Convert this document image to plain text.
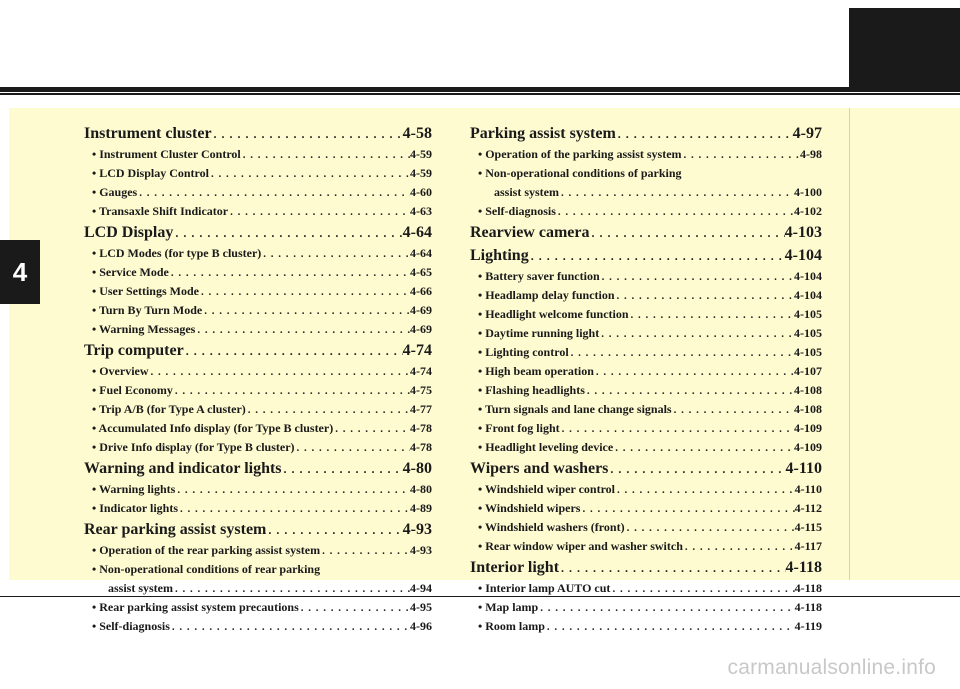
4
Instrument cluster . . .	4-58
• Instrument Cluster Control . . .	4-59
• LCD Display Control . . .	4-59
• Gauges . . .	4-60
• Transaxle Shift Indicator . . .	4-63
LCD Display . . .	4-64
• LCD Modes (for type B cluster) . . .	4-64
• Service Mode . . .	4-65
• User Settings Mode . . .	4-66
• Turn By Turn Mode . . .	4-69
• Warning Messages . . .	4-69
Trip computer . . .	4-74
• Overview . . .	4-74
• Fuel Economy . . .	4-75
• Trip A/B (for Type A cluster) . . .	4-77
• Accumulated Info display (for Type B cluster) . . .	4-78
• Drive Info display (for Type B cluster) . . .	4-78
Warning and indicator lights . . .	4-80
• Warning lights . . .	4-80
• Indicator lights . . .	4-89
Rear parking assist system . . .	4-93
• Operation of the rear parking assist system . . .	4-93
• Non-operational conditions of rear parking
assist system . . .	4-94
• Rear parking assist system precautions . . .	4-95
• Self-diagnosis . . .	4-96
Parking assist system . . .	4-97
• Operation of the parking assist system . . .	4-98
• Non-operational conditions of parking
assist system . . .	4-100
• Self-diagnosis . . .	4-102
Rearview camera . . .	4-103
Lighting . . .	4-104
• Battery saver function . . .	4-104
• Headlamp delay function . . .	4-104
• Headlight welcome function . . .	4-105
• Daytime running light . . .	4-105
• Lighting control . . .	4-105
• High beam operation . . .	4-107
• Flashing headlights . . .	4-108
• Turn signals and lane change signals . . .	4-108
• Front fog light . . .	4-109
• Headlight leveling device . . .	4-109
Wipers and washers . . .	4-110
• Windshield wiper control . . .	4-110
• Windshield wipers . . .	4-112
• Windshield washers (front) . . .	4-115
• Rear window wiper and washer switch . . .	4-117
Interior light . . .	4-118
• Interior lamp AUTO cut . . .	4-118
• Map lamp . . .	4-118
• Room lamp . . .	4-119
carmanualsonline.info
